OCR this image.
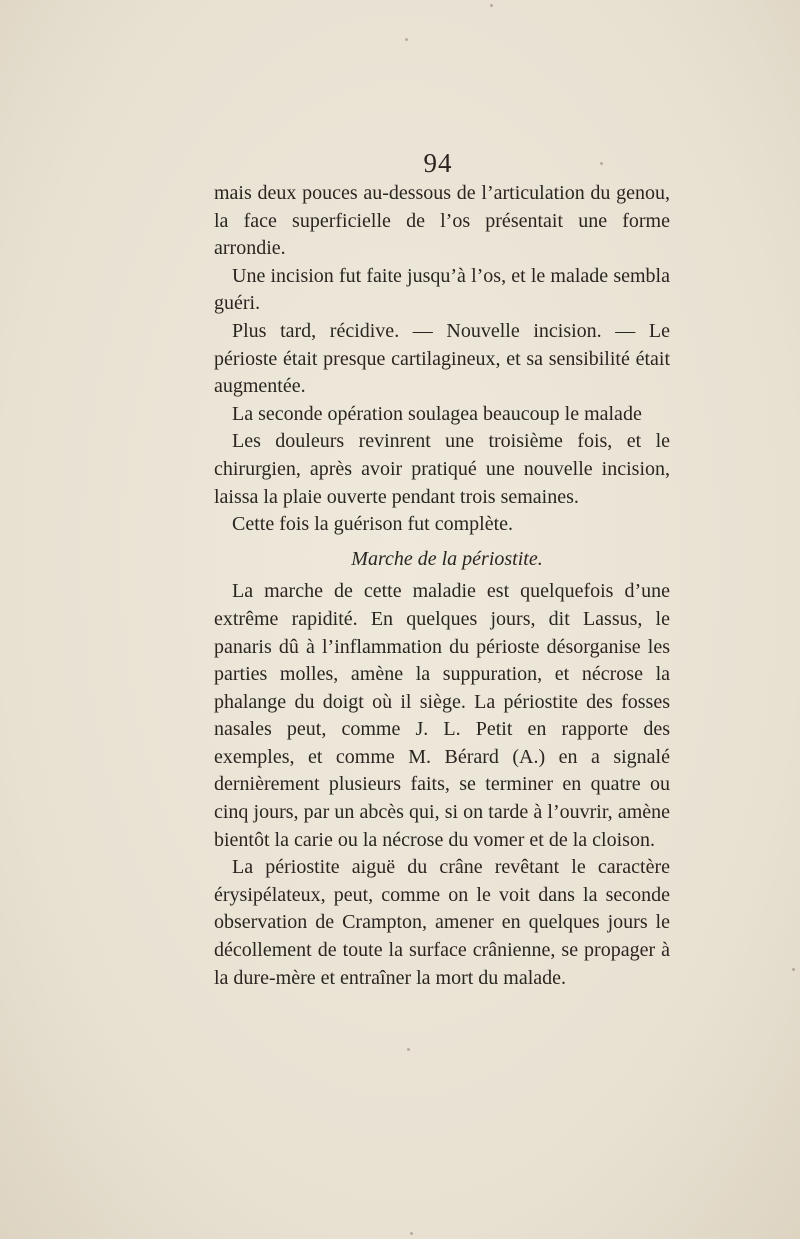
94

mais deux pouces au-dessous de l’articulation du genou, la face superficielle de l’os présentait une forme arrondie.

Une incision fut faite jusqu’à l’os, et le malade sembla guéri.

Plus tard, récidive. — Nouvelle incision. — Le périoste était presque cartilagineux, et sa sensibilité était augmentée.

La seconde opération soulagea beaucoup le malade

Les douleurs revinrent une troisième fois, et le chirurgien, après avoir pratiqué une nouvelle incision, laissa la plaie ouverte pendant trois semaines.

Cette fois la guérison fut complète.

Marche de la périostite.

La marche de cette maladie est quelquefois d’une extrême rapidité. En quelques jours, dit Lassus, le panaris dû à l’inflammation du périoste désorganise les parties molles, amène la suppuration, et nécrose la phalange du doigt où il siège. La périostite des fosses nasales peut, comme J. L. Petit en rapporte des exemples, et comme M. Bérard (A.) en a signalé dernièrement plusieurs faits, se terminer en quatre ou cinq jours, par un abcès qui, si on tarde à l’ouvrir, amène bientôt la carie ou la nécrose du vomer et de la cloison.

La périostite aiguë du crâne revêtant le caractère érysipélateux, peut, comme on le voit dans la seconde observation de Crampton, amener en quelques jours le décollement de toute la surface crânienne, se propager à la dure-mère et entraîner la mort du malade.
